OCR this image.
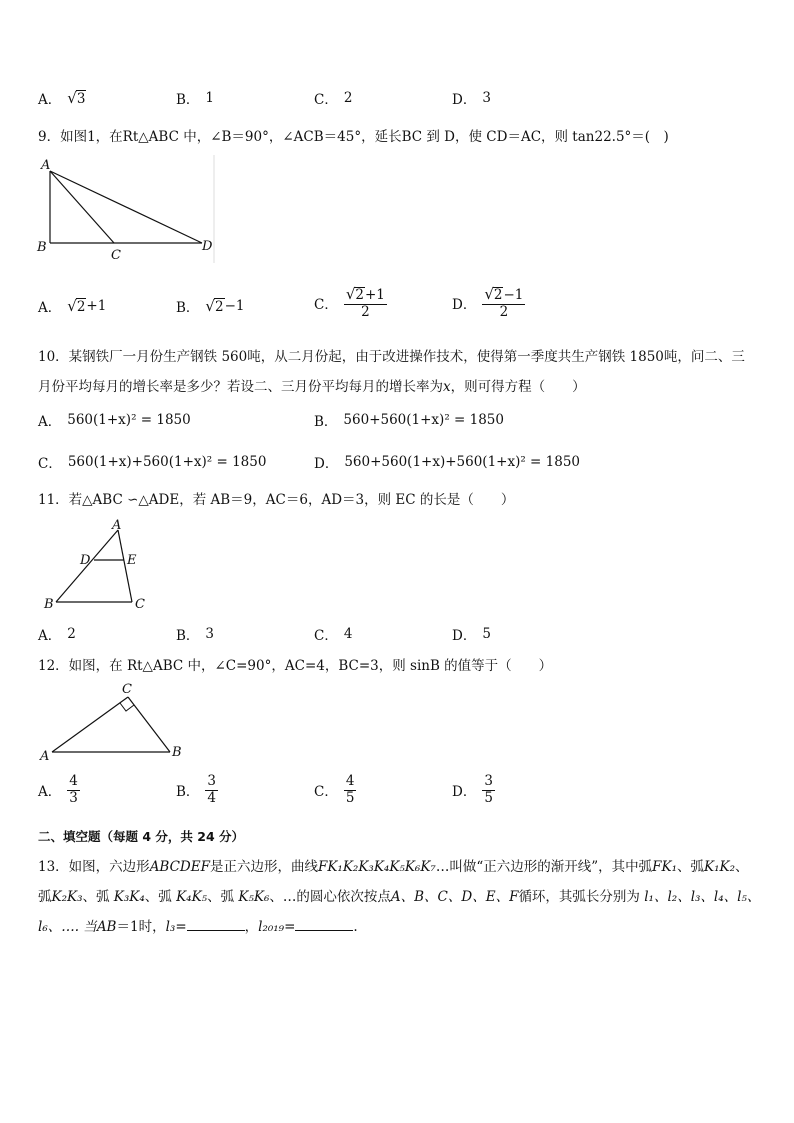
A． √ 3	B． 1	C． 2	D． 3
9．如图1，在Rt△ABC 中，∠B＝90°，∠ACB＝45°，延长BC 到 D，使 CD＝AC，则 tan22.5°＝(　)
A
B
C
D
A． √ 2 +1	B． √ 2 −1	C． $\frac{√2+1}{2}$	D． $\frac{√2-1}{2}$
10．某钢铁厂一月份生产钢铁 560吨，从二月份起，由于改进操作技术，使得第一季度共生产钢铁 1850吨，问二、三
月份平均每月的增长率是多少？若设二、三月份平均每月的增长率为x，则可得方程（　　）
A． 560(1+x)² = 1850	B． 560+560(1+x)² = 1850
C． 560(1+x)+560(1+x)² = 1850	D． 560+560(1+x)+560(1+x)² = 1850
11．若△ABC ∽△ADE，若 AB＝9，AC＝6，AD＝3，则 EC 的长是（　　）
A
D	E
B	C
A． 2	B． 3	C． 4	D． 5
12．如图，在 Rt△ABC 中，∠C=90°，AC=4，BC=3，则 sinB 的值等于（　　）
C
A	B
A． $\frac{4}{3}$	B． $\frac{3}{4}$	C． $\frac{4}{5}$	D． $\frac{3}{5}$
二、填空题（每题 4 分，共 24 分）
13．如图，六边形ABCDEF是正六边形，曲线FK₁K₂K₃K₄K₅K₆K₇…叫做“正六边形的渐开线”，其中弧FK₁、弧K₁K₂、
弧K₂K₃、弧 K₃K₄、弧 K₄K₅、弧 K₅K₆、…的圆心依次按点A、B、C、D、E、F循环，其弧长分别为 l₁、l₂、l₃、l₄、l₅、
l₆、…. 当AB＝1时，l₃=	，l₂₀₁₉=	.
